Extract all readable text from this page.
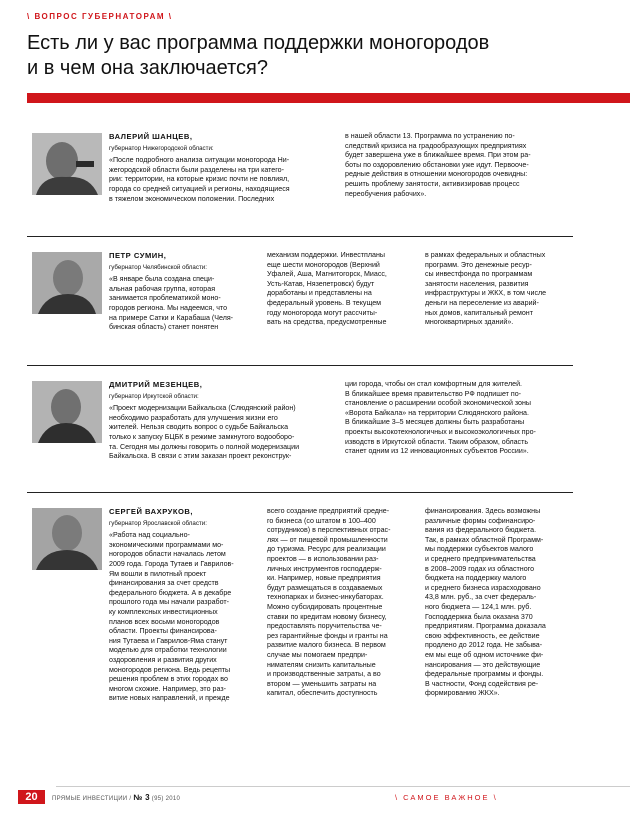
\ ВОПРОС ГУБЕРНАТОРАМ \
Есть ли у вас программа поддержки моногородов
и в чем она заключается?

ВАЛЕРИЙ ШАНЦЕВ,

губернатор Нижегородской области:

«После подробного анализа ситуации моногорода Ни-
жегородской области были разделены на три катего-
рии: территории, на которые кризис почти не повлиял,
города со средней ситуацией и регионы, находящиеся
в тяжелом экономическом положении. Последних

в нашей области 13. Программа по устранению по-
следствий кризиса на градообразующих предприятиях
будет завершена уже в ближайшее время. При этом ра-
боты по оздоровлению обстановки уже идут. Первооче-
редные действия в отношении моногородов очевидны:
решить проблему занятости, активизировав процесс
переобучения рабочих».

ПЕТР СУМИН,

губернатор Челябинской области:

«В январе была создана специ-
альная рабочая группа, которая
занимается проблематикой моно-
городов региона. Мы надеемся, что
на примере Сатки и Карабаша (Челя-
бинская область) станет понятен

механизм поддержки. Инвестпланы
еще шести моногородов (Верхний
Уфалей, Аша, Магнитогорск, Миасс,
Усть-Катав, Нязепетровск) будут
доработаны и представлены на
федеральный уровень. В текущем
году моногорода могут рассчиты-
вать на средства, предусмотренные

в рамках федеральных и областных
программ. Это денежные ресур-
сы инвестфонда по программам
занятости населения, развития
инфраструктуры и ЖКХ, в том числе
деньги на переселение из аварий-
ных домов, капитальный ремонт
многоквартирных зданий».

ДМИТРИЙ МЕЗЕНЦЕВ,

губернатор Иркутской области:

«Проект модернизации Байкальска (Слюдянский район)
необходимо разработать для улучшения жизни его
жителей. Нельзя сводить вопрос о судьбе Байкальска
только к запуску БЦБК в режиме замкнутого водооборо-
та. Сегодня мы должны говорить о полной модернизации
Байкальска. В связи с этим заказан проект реконструк-

ции города, чтобы он стал комфортным для жителей.
В ближайшее время правительство РФ подпишет по-
становление о расширении особой экономической зоны
«Ворота Байкала» на территории Слюдянского района.
В ближайшие 3–5 месяцев должны быть разработаны
проекты высокотехнологичных и высокоэкологичных про-
изводств в Иркутской области. Таким образом, область
станет одним из 12 инновационных субъектов России».

СЕРГЕЙ ВАХРУКОВ,

губернатор Ярославской области:

«Работа над социально-
экономическими программами мо-
ногородов области началась летом
2009 года. Города Тутаев и Гаврилов-
Ям вошли в пилотный проект
финансирования за счет средств
федерального бюджета. А в декабре
прошлого года мы начали разработ-
ку комплексных инвестиционных
планов всех восьми моногородов
области. Проекты финансирова-
ния Тутаева и Гаврилов-Яма станут
моделью для отработки технологии
оздоровления и развития других
моногородов региона. Ведь рецепты
решения проблем в этих городах во
многом схожие. Например, это раз-
витие новых направлений, и прежде

всего создание предприятий средне-
го бизнеса (со штатом в 100–400
сотрудников) в перспективных отрас-
лях — от пищевой промышленности
до туризма. Ресурс для реализации
проектов — в использовании раз-
личных инструментов господдерж-
ки. Например, новые предприятия
будут размещаться в создаваемых
технопарках и бизнес-инкубаторах.
Можно субсидировать процентные
ставки по кредитам новому бизнесу,
предоставлять поручительства че-
рез гарантийные фонды и гранты на
развитие малого бизнеса. В первом
случае мы помогаем предпри-
нимателям снизить капитальные
и производственные затраты, а во
втором — уменьшить затраты на
капитал, обеспечить доступность

финансирования. Здесь возможны
различные формы софинансиро-
вания из федерального бюджета.
Так, в рамках областной Программ-
мы поддержки субъектов малого
и среднего предпринимательства
в 2008–2009 годах из областного
бюджета на поддержку малого
и среднего бизнеса израсходовано
43,8 млн. руб., за счет федераль-
ного бюджета — 124,1 млн. руб.
Господдержка была оказана 370
предприятиям. Программа доказала
свою эффективность, ее действие
продлено до 2012 года. Не забыва-
ем мы еще об одном источнике фи-
нансирования — это действующие
федеральные программы и фонды.
В частности, Фонд содействия ре-
формированию ЖКХ».

20	ПРЯМЫЕ ИНВЕСТИЦИИ / № 3 (95) 2010	\ САМОЕ ВАЖНОЕ \
